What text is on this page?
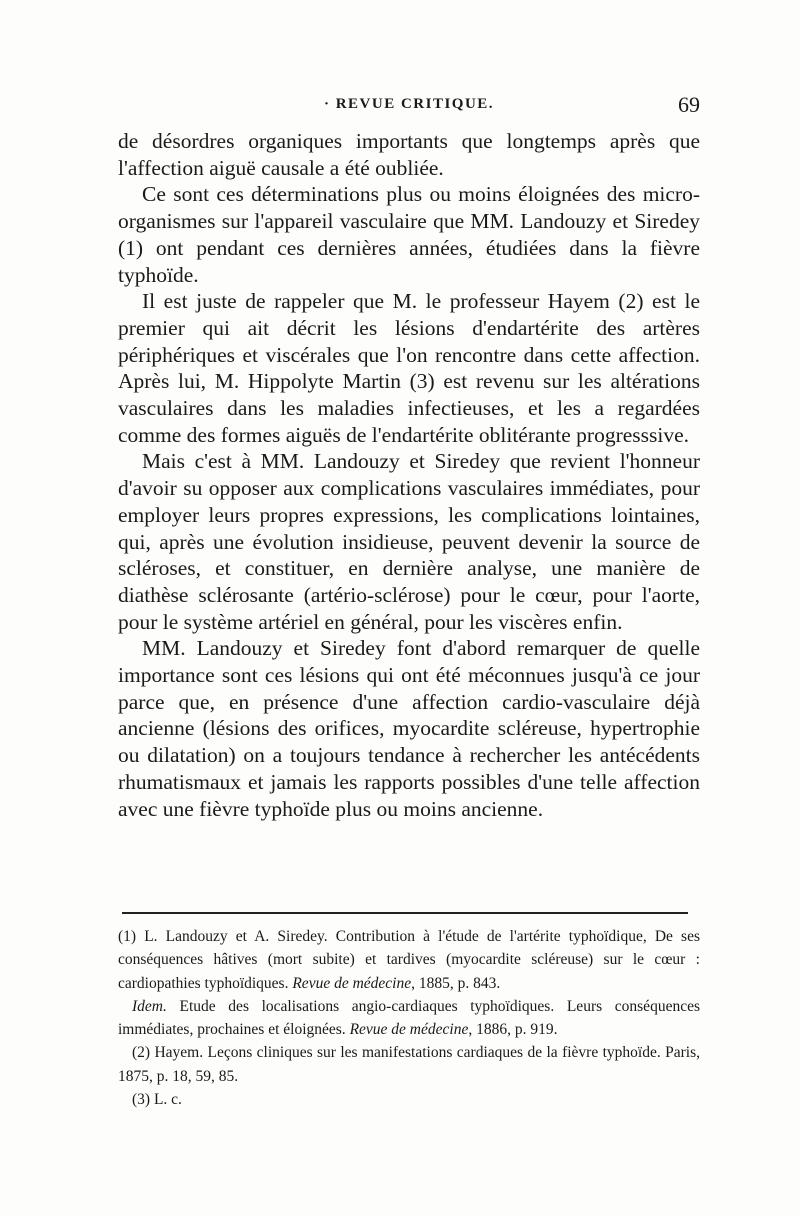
· REVUE CRITIQUE.	69

de désordres organiques importants que longtemps après que l'affection aiguë causale a été oubliée.

Ce sont ces déterminations plus ou moins éloignées des micro-organismes sur l'appareil vasculaire que MM. Landouzy et Siredey (1) ont pendant ces dernières années, étudiées dans la fièvre typhoïde.

Il est juste de rappeler que M. le professeur Hayem (2) est le premier qui ait décrit les lésions d'endartérite des artères périphériques et viscérales que l'on rencontre dans cette affection. Après lui, M. Hippolyte Martin (3) est revenu sur les altérations vasculaires dans les maladies infectieuses, et les a regardées comme des formes aiguës de l'endartérite oblitérante progresssive.

Mais c'est à MM. Landouzy et Siredey que revient l'honneur d'avoir su opposer aux complications vasculaires immédiates, pour employer leurs propres expressions, les complications lointaines, qui, après une évolution insidieuse, peuvent devenir la source de scléroses, et constituer, en dernière analyse, une manière de diathèse sclérosante (artério-sclérose) pour le cœur, pour l'aorte, pour le système artériel en général, pour les viscères enfin.

MM. Landouzy et Siredey font d'abord remarquer de quelle importance sont ces lésions qui ont été méconnues jusqu'à ce jour parce que, en présence d'une affection cardio-vasculaire déjà ancienne (lésions des orifices, myocardite scléreuse, hypertrophie ou dilatation) on a toujours tendance à rechercher les antécédents rhumatismaux et jamais les rapports possibles d'une telle affection avec une fièvre typhoïde plus ou moins ancienne.

(1) L. Landouzy et A. Siredey. Contribution à l'étude de l'artérite typhoïdique, De ses conséquences hâtives (mort subite) et tardives (myocardite scléreuse) sur le cœur : cardiopathies typhoïdiques. Revue de médecine, 1885, p. 843.

Idem. Etude des localisations angio-cardiaques typhoïdiques. Leurs conséquences immédiates, prochaines et éloignées. Revue de médecine, 1886, p. 919.

(2) Hayem. Leçons cliniques sur les manifestations cardiaques de la fièvre typhoïde. Paris, 1875, p. 18, 59, 85.

(3) L. c.
